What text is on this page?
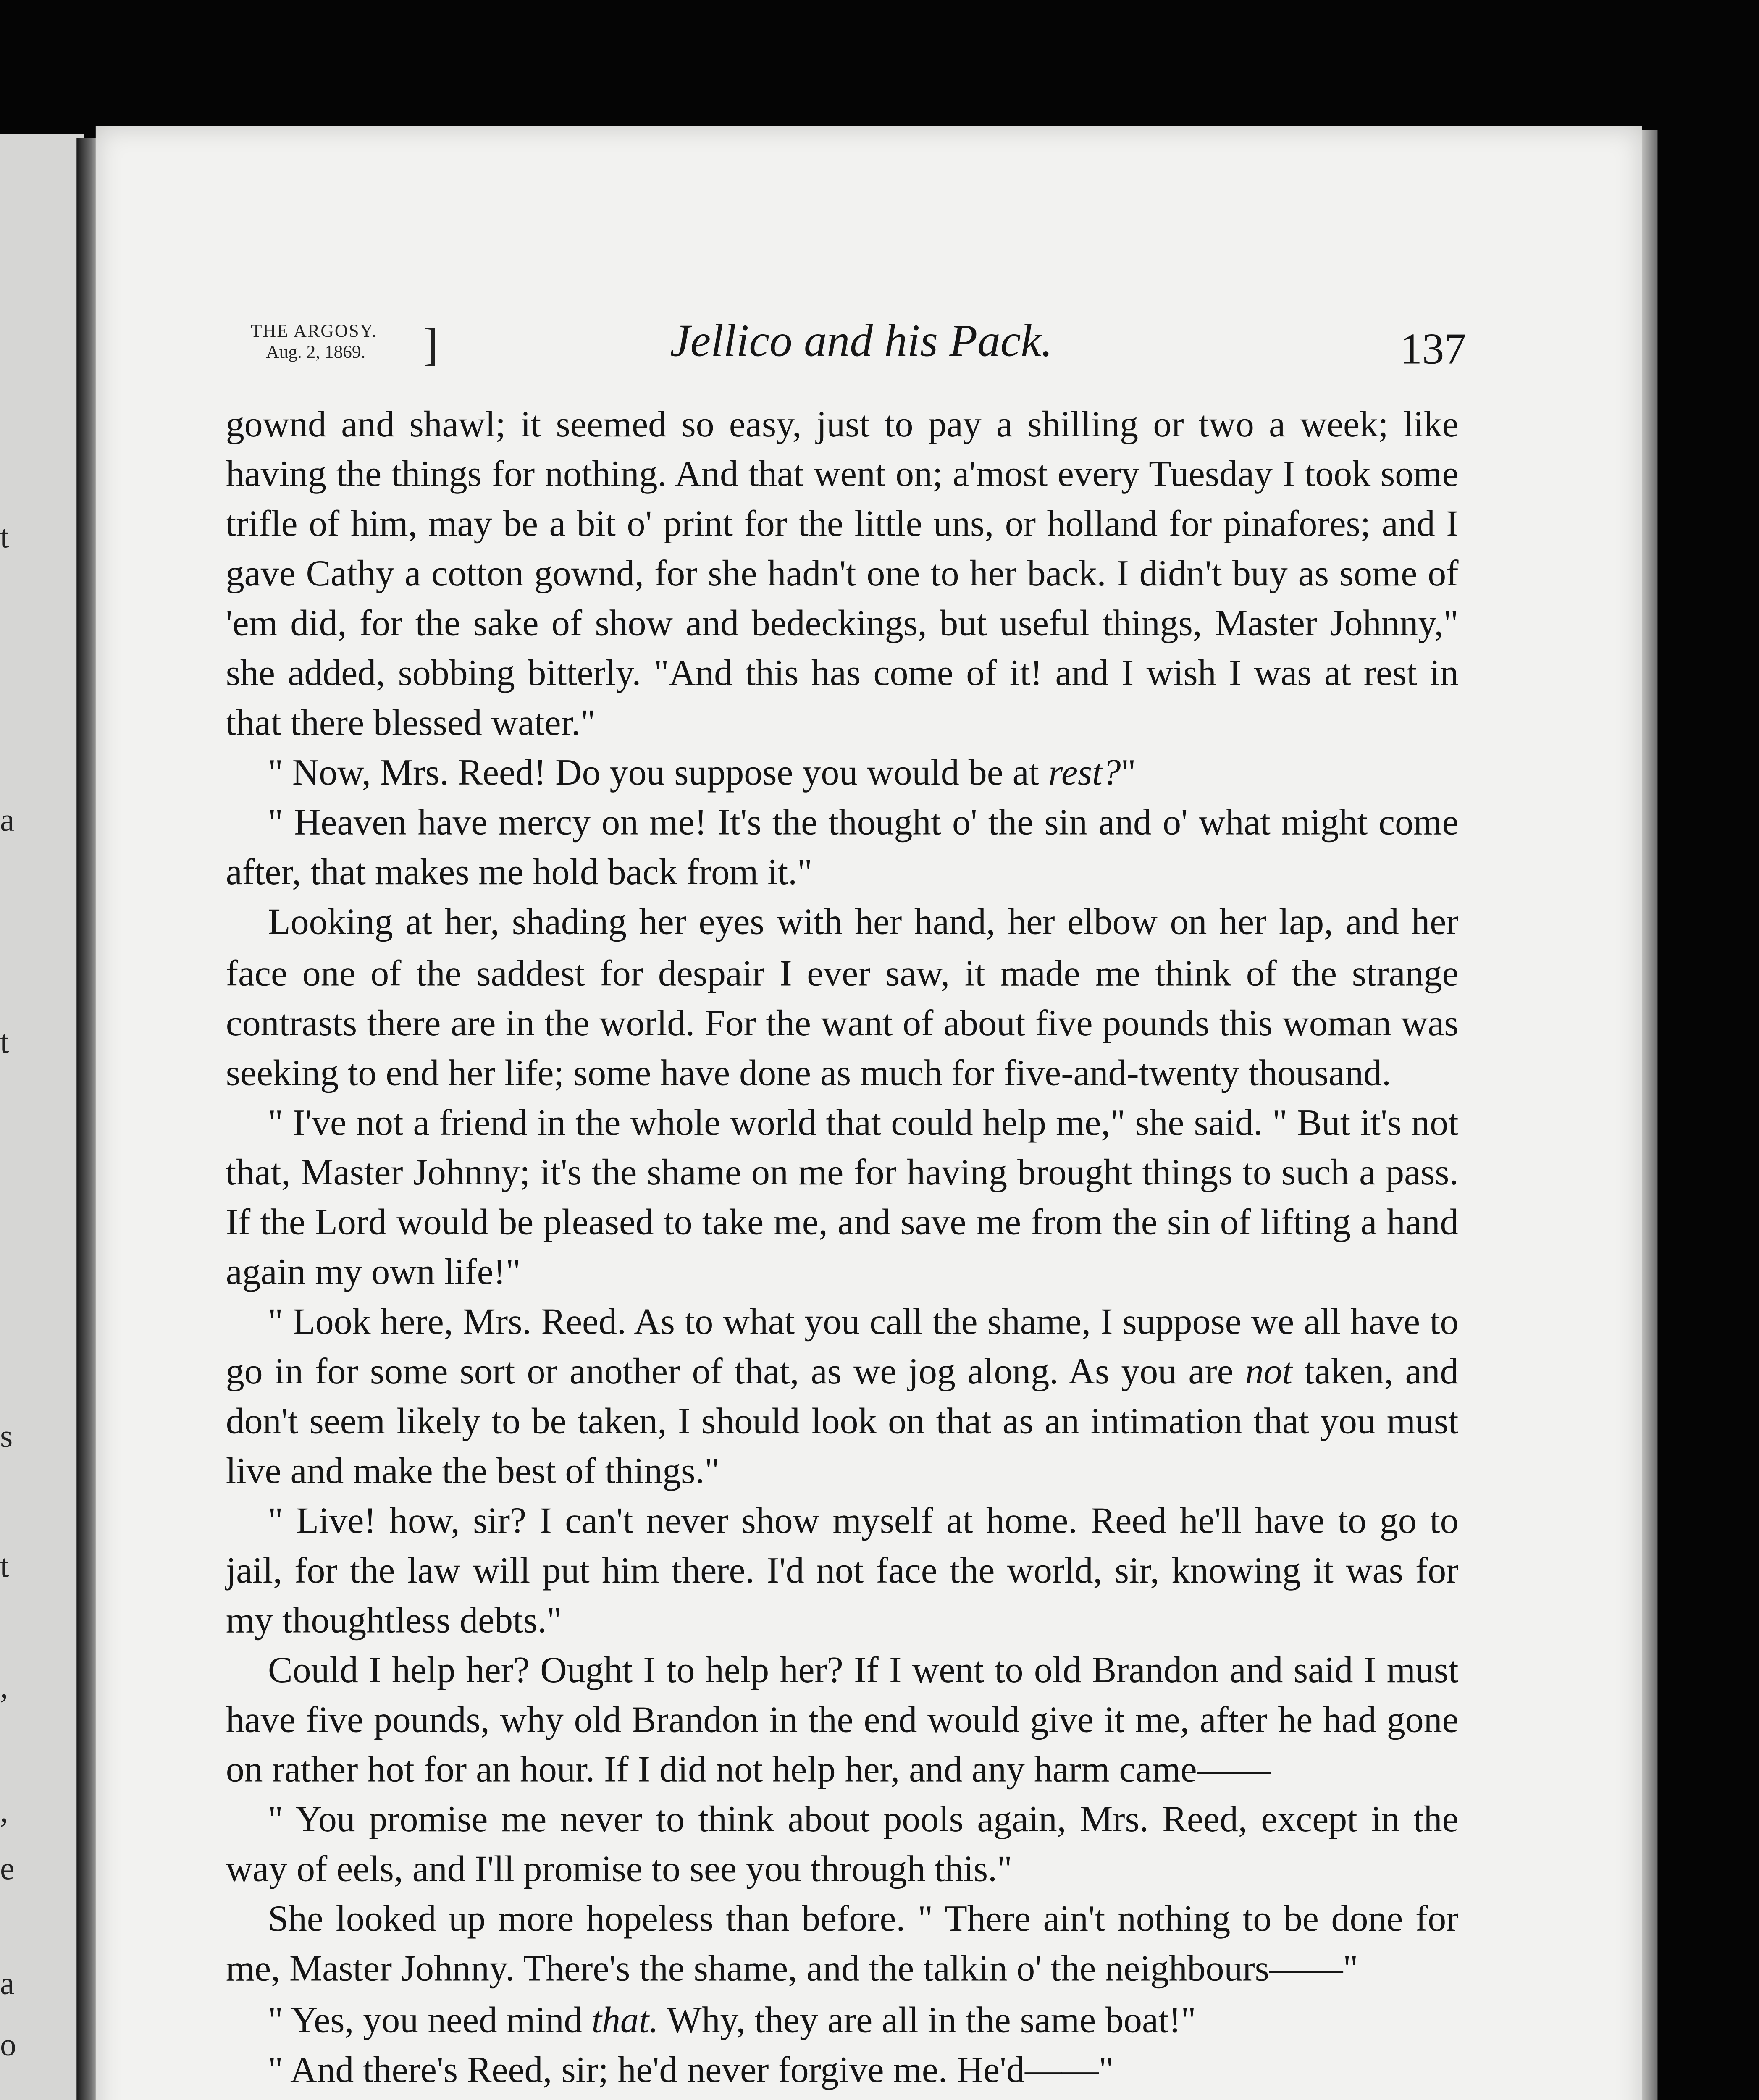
t
a
t
s
t
,
,
e
a
o
THE ARGOSY.
Aug. 2, 1869.	]	Jellico and his Pack.	137

gownd and shawl; it seemed so easy, just to pay a shilling or two a week; like having the things for nothing. And that went on; a'most every Tuesday I took some trifle of him, may be a bit o' print for the little uns, or holland for pinafores; and I gave Cathy a cotton gownd, for she hadn't one to her back. I didn't buy as some of 'em did, for the sake of show and bedeckings, but useful things, Master Johnny," she added, sobbing bitterly. "And this has come of it! and I wish I was at rest in that there blessed water."

" Now, Mrs. Reed! Do you suppose you would be at rest?"

" Heaven have mercy on me! It's the thought o' the sin and o' what might come after, that makes me hold back from it."

Looking at her, shading her eyes with her hand, her elbow on her lap, and her face one of the saddest for despair I ever saw, it made me think of the strange contrasts there are in the world. For the want of about five pounds this woman was seeking to end her life; some have done as much for five-and-twenty thousand.

" I've not a friend in the whole world that could help me," she said. " But it's not that, Master Johnny; it's the shame on me for having brought things to such a pass. If the Lord would be pleased to take me, and save me from the sin of lifting a hand again my own life!"

" Look here, Mrs. Reed. As to what you call the shame, I suppose we all have to go in for some sort or another of that, as we jog along. As you are not taken, and don't seem likely to be taken, I should look on that as an intimation that you must live and make the best of things."

" Live! how, sir? I can't never show myself at home. Reed he'll have to go to jail, for the law will put him there. I'd not face the world, sir, knowing it was for my thoughtless debts."

Could I help her? Ought I to help her? If I went to old Brandon and said I must have five pounds, why old Brandon in the end would give it me, after he had gone on rather hot for an hour. If I did not help her, and any harm came——

" You promise me never to think about pools again, Mrs. Reed, except in the way of eels, and I'll promise to see you through this."

She looked up more hopeless than before. " There ain't nothing to be done for me, Master Johnny. There's the shame, and the talkin o' the neighbours——"

" Yes, you need mind that. Why, they are all in the same boat!"

" And there's Reed, sir; he'd never forgive me. He'd——"
